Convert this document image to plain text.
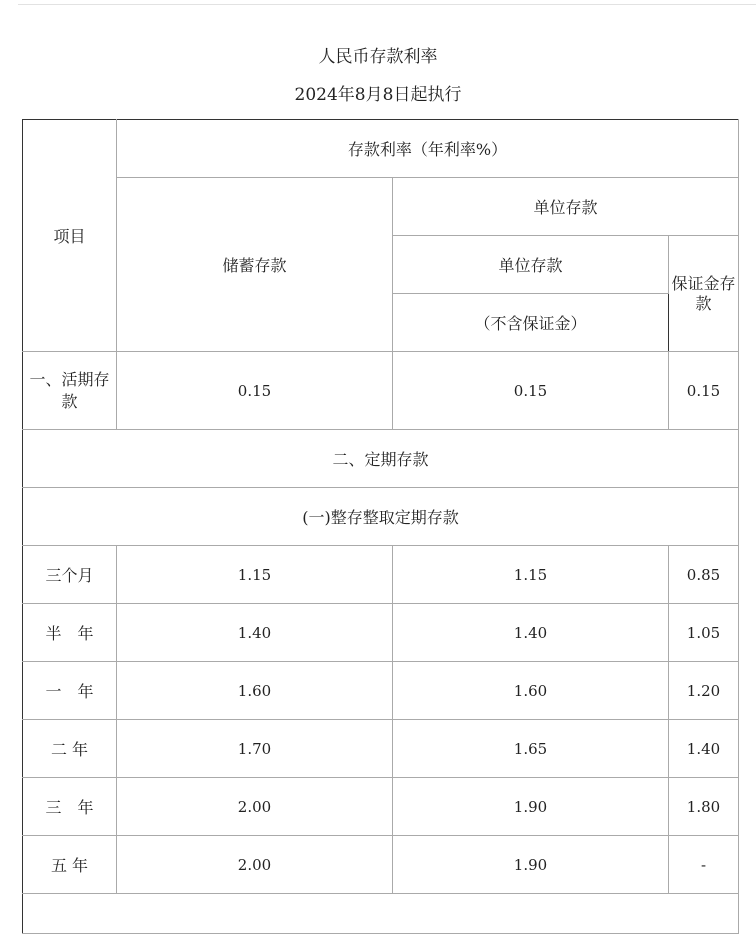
人民币存款利率
2024年8月8日起执行
项目	存款利率（年利率%）		
	储蓄存款	单位存款	
		单位存款	保证金存款
		（不含保证金）	
一、活期存款	0.15	0.15	0.15
二、定期存款			
(一)整存整取定期存款			
三个月	1.15	1.15	0.85
半　年	1.40	1.40	1.05
一　年	1.60	1.60	1.20
二 年	1.70	1.65	1.40
三　年	2.00	1.90	1.80
五 年	2.00	1.90	-
